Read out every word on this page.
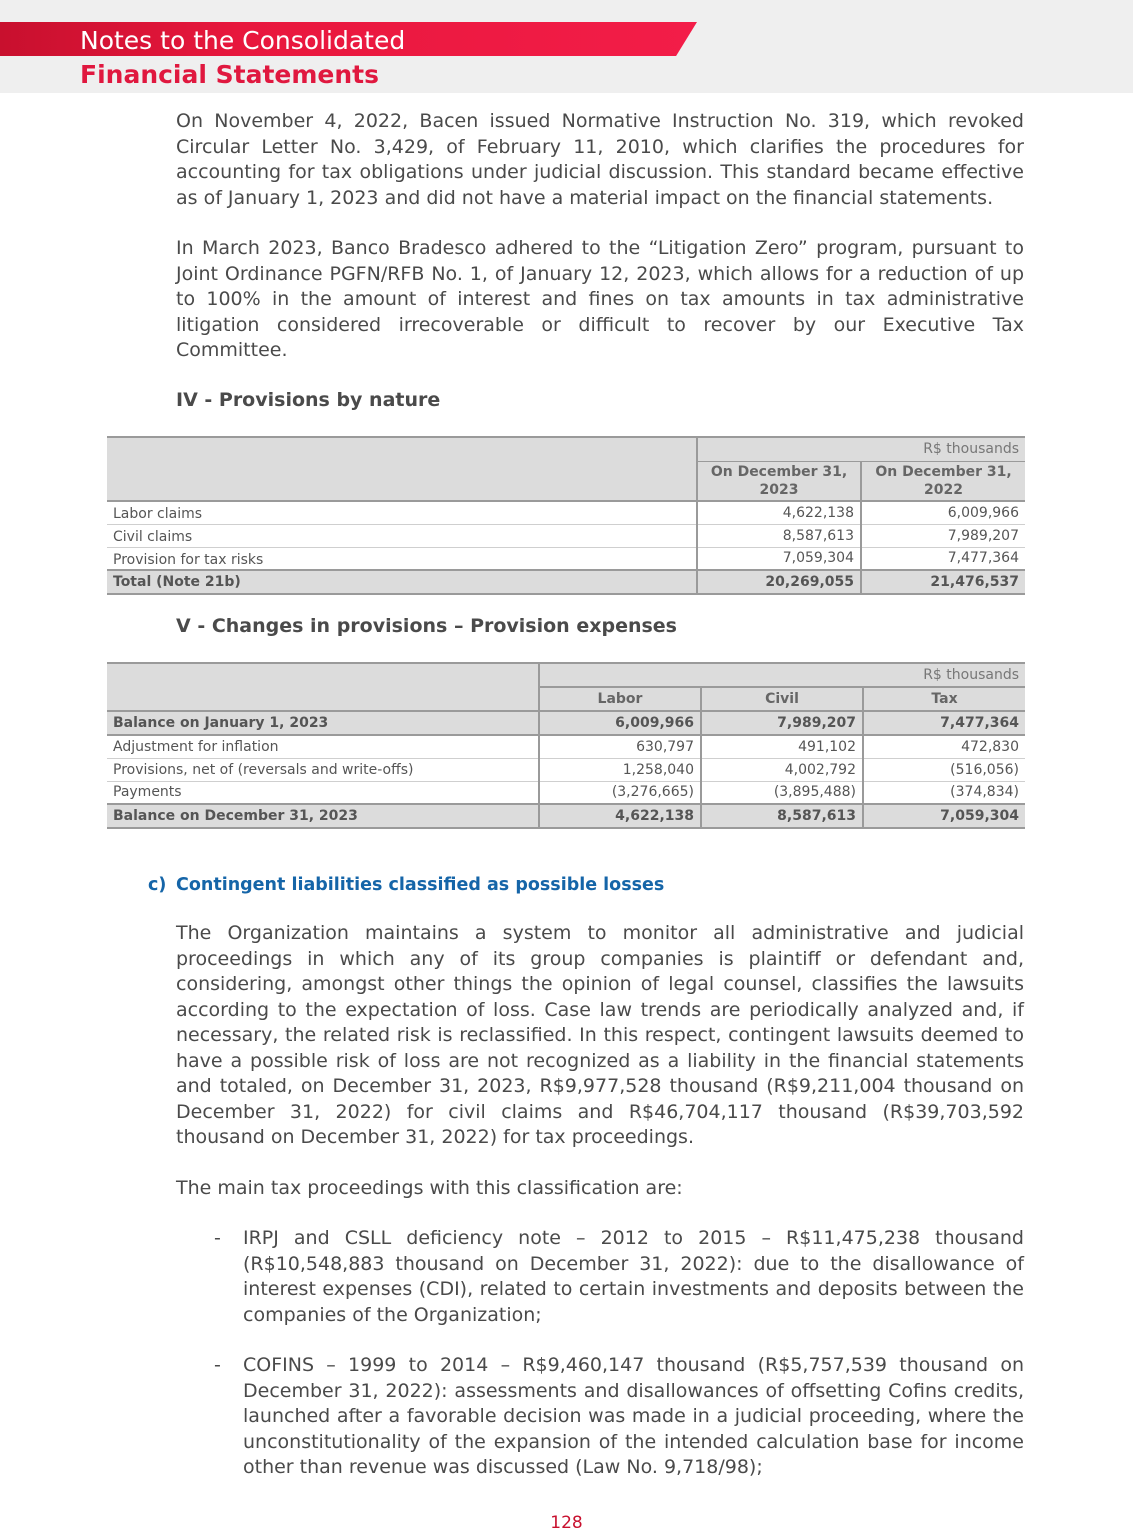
Notes to the Consolidated
Financial Statements

On November 4, 2022, Bacen issued Normative Instruction No. 319, which revoked Circular Letter No. 3,429, of February 11, 2010, which clarifies the procedures for accounting for tax obligations under judicial discussion. This standard became effective as of January 1, 2023 and did not have a material impact on the financial statements.

In March 2023, Banco Bradesco adhered to the “Litigation Zero” program, pursuant to Joint Ordinance PGFN/RFB No. 1, of January 12, 2023, which allows for a reduction of up to 100% in the amount of interest and fines on tax amounts in tax administrative litigation considered irrecoverable or difficult to recover by our Executive Tax Committee.

IV - Provisions by nature

	R$ thousands	
	On December 31, 2023	On December 31, 2022
Labor claims	4,622,138	6,009,966
Civil claims	8,587,613	7,989,207
Provision for tax risks	7,059,304	7,477,364
Total (Note 21b)	20,269,055	21,476,537

V - Changes in provisions – Provision expenses

	R$ thousands		
	Labor	Civil	Tax
Balance on January 1, 2023	6,009,966	7,989,207	7,477,364
Adjustment for inflation	630,797	491,102	472,830
Provisions, net of (reversals and write-offs)	1,258,040	4,002,792	(516,056)
Payments	(3,276,665)	(3,895,488)	(374,834)
Balance on December 31, 2023	4,622,138	8,587,613	7,059,304

c) Contingent liabilities classified as possible losses

The Organization maintains a system to monitor all administrative and judicial proceedings in which any of its group companies is plaintiff or defendant and, considering, amongst other things the opinion of legal counsel, classifies the lawsuits according to the expectation of loss. Case law trends are periodically analyzed and, if necessary, the related risk is reclassified. In this respect, contingent lawsuits deemed to have a possible risk of loss are not recognized as a liability in the financial statements and totaled, on December 31, 2023, R$9,977,528 thousand (R$9,211,004 thousand on December 31, 2022) for civil claims and R$46,704,117 thousand (R$39,703,592 thousand on December 31, 2022) for tax proceedings.

The main tax proceedings with this classification are:

- IRPJ and CSLL deficiency note – 2012 to 2015 – R$11,475,238 thousand (R$10,548,883 thousand on December 31, 2022): due to the disallowance of interest expenses (CDI), related to certain investments and deposits between the companies of the Organization;

- COFINS – 1999 to 2014 – R$9,460,147 thousand (R$5,757,539 thousand on December 31, 2022): assessments and disallowances of offsetting Cofins credits, launched after a favorable decision was made in a judicial proceeding, where the unconstitutionality of the expansion of the intended calculation base for income other than revenue was discussed (Law No. 9,718/98);

128
